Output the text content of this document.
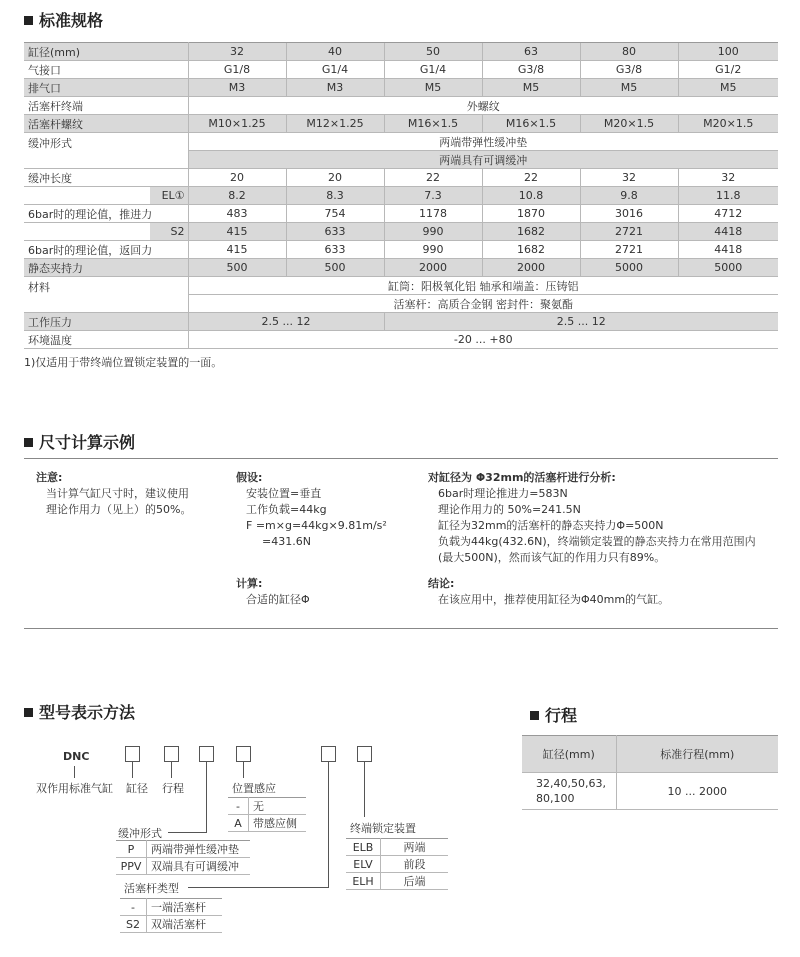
标准规格
缸径(mm)		32	40	50	63	80	100
气接口		G1/8	G1/4	G1/4	G3/8	G3/8	G1/2
排气口		M3	M3	M5	M5	M5	M5
活塞杆终端		外螺纹					
活塞杆螺纹		M10×1.25	M12×1.25	M16×1.5	M16×1.5	M20×1.5	M20×1.5
缓冲形式		两端带弹性缓冲垫					
		两端具有可调缓冲					
缓冲长度		20	20	22	22	32	32
	EL①	8.2	8.3	7.3	10.8	9.8	11.8
6bar时的理论值，推进力		483	754	1178	1870	3016	4712
	S2	415	633	990	1682	2721	4418
6bar时的理论值，返回力		415	633	990	1682	2721	4418
静态夹持力		500	500	2000	2000	5000	5000
材料		缸筒：阳极氧化铝 轴承和端盖：压铸铝					
		活塞杆：高质合金钢 密封件：聚氨酯					
工作压力		2.5 ... 12		2.5 ... 12			
环境温度		-20 ... +80					
1)仅适用于带终端位置锁定装置的一面。
尺寸计算示例
注意:
当计算气缸尺寸时，建议使用
理论作用力（见上）的50%。
假设:
安装位置=垂直
工作负载=44kg
F =m×g=44kg×9.81m/s²
=431.6N
计算:
合适的缸径Φ
对缸径为 Φ32mm的活塞杆进行分析:
6bar时理论推进力=583N
理论作用力的 50%=241.5N
缸径为32mm的活塞杆的静态夹持力Φ=500N
负载为44kg(432.6N)，终端锁定装置的静态夹持力在常用范围内
(最大500N)，然而该气缸的作用力只有89%。
结论:
在该应用中，推荐使用缸径为Φ40mm的气缸。
型号表示方法
DNC
双作用标准气缸 缸径 行程	位置感应
-	无
A	带感应侧
缓冲形式
P	两端带弹性缓冲垫
PPV	双端具有可调缓冲
活塞杆类型
-	一端活塞杆
S2	双端活塞杆
终端锁定装置
ELB	两端
ELV	前段
ELH	后端
行程
缸径(mm)	标准行程(mm)
32,40,50,63,
80,100	10 ... 2000
